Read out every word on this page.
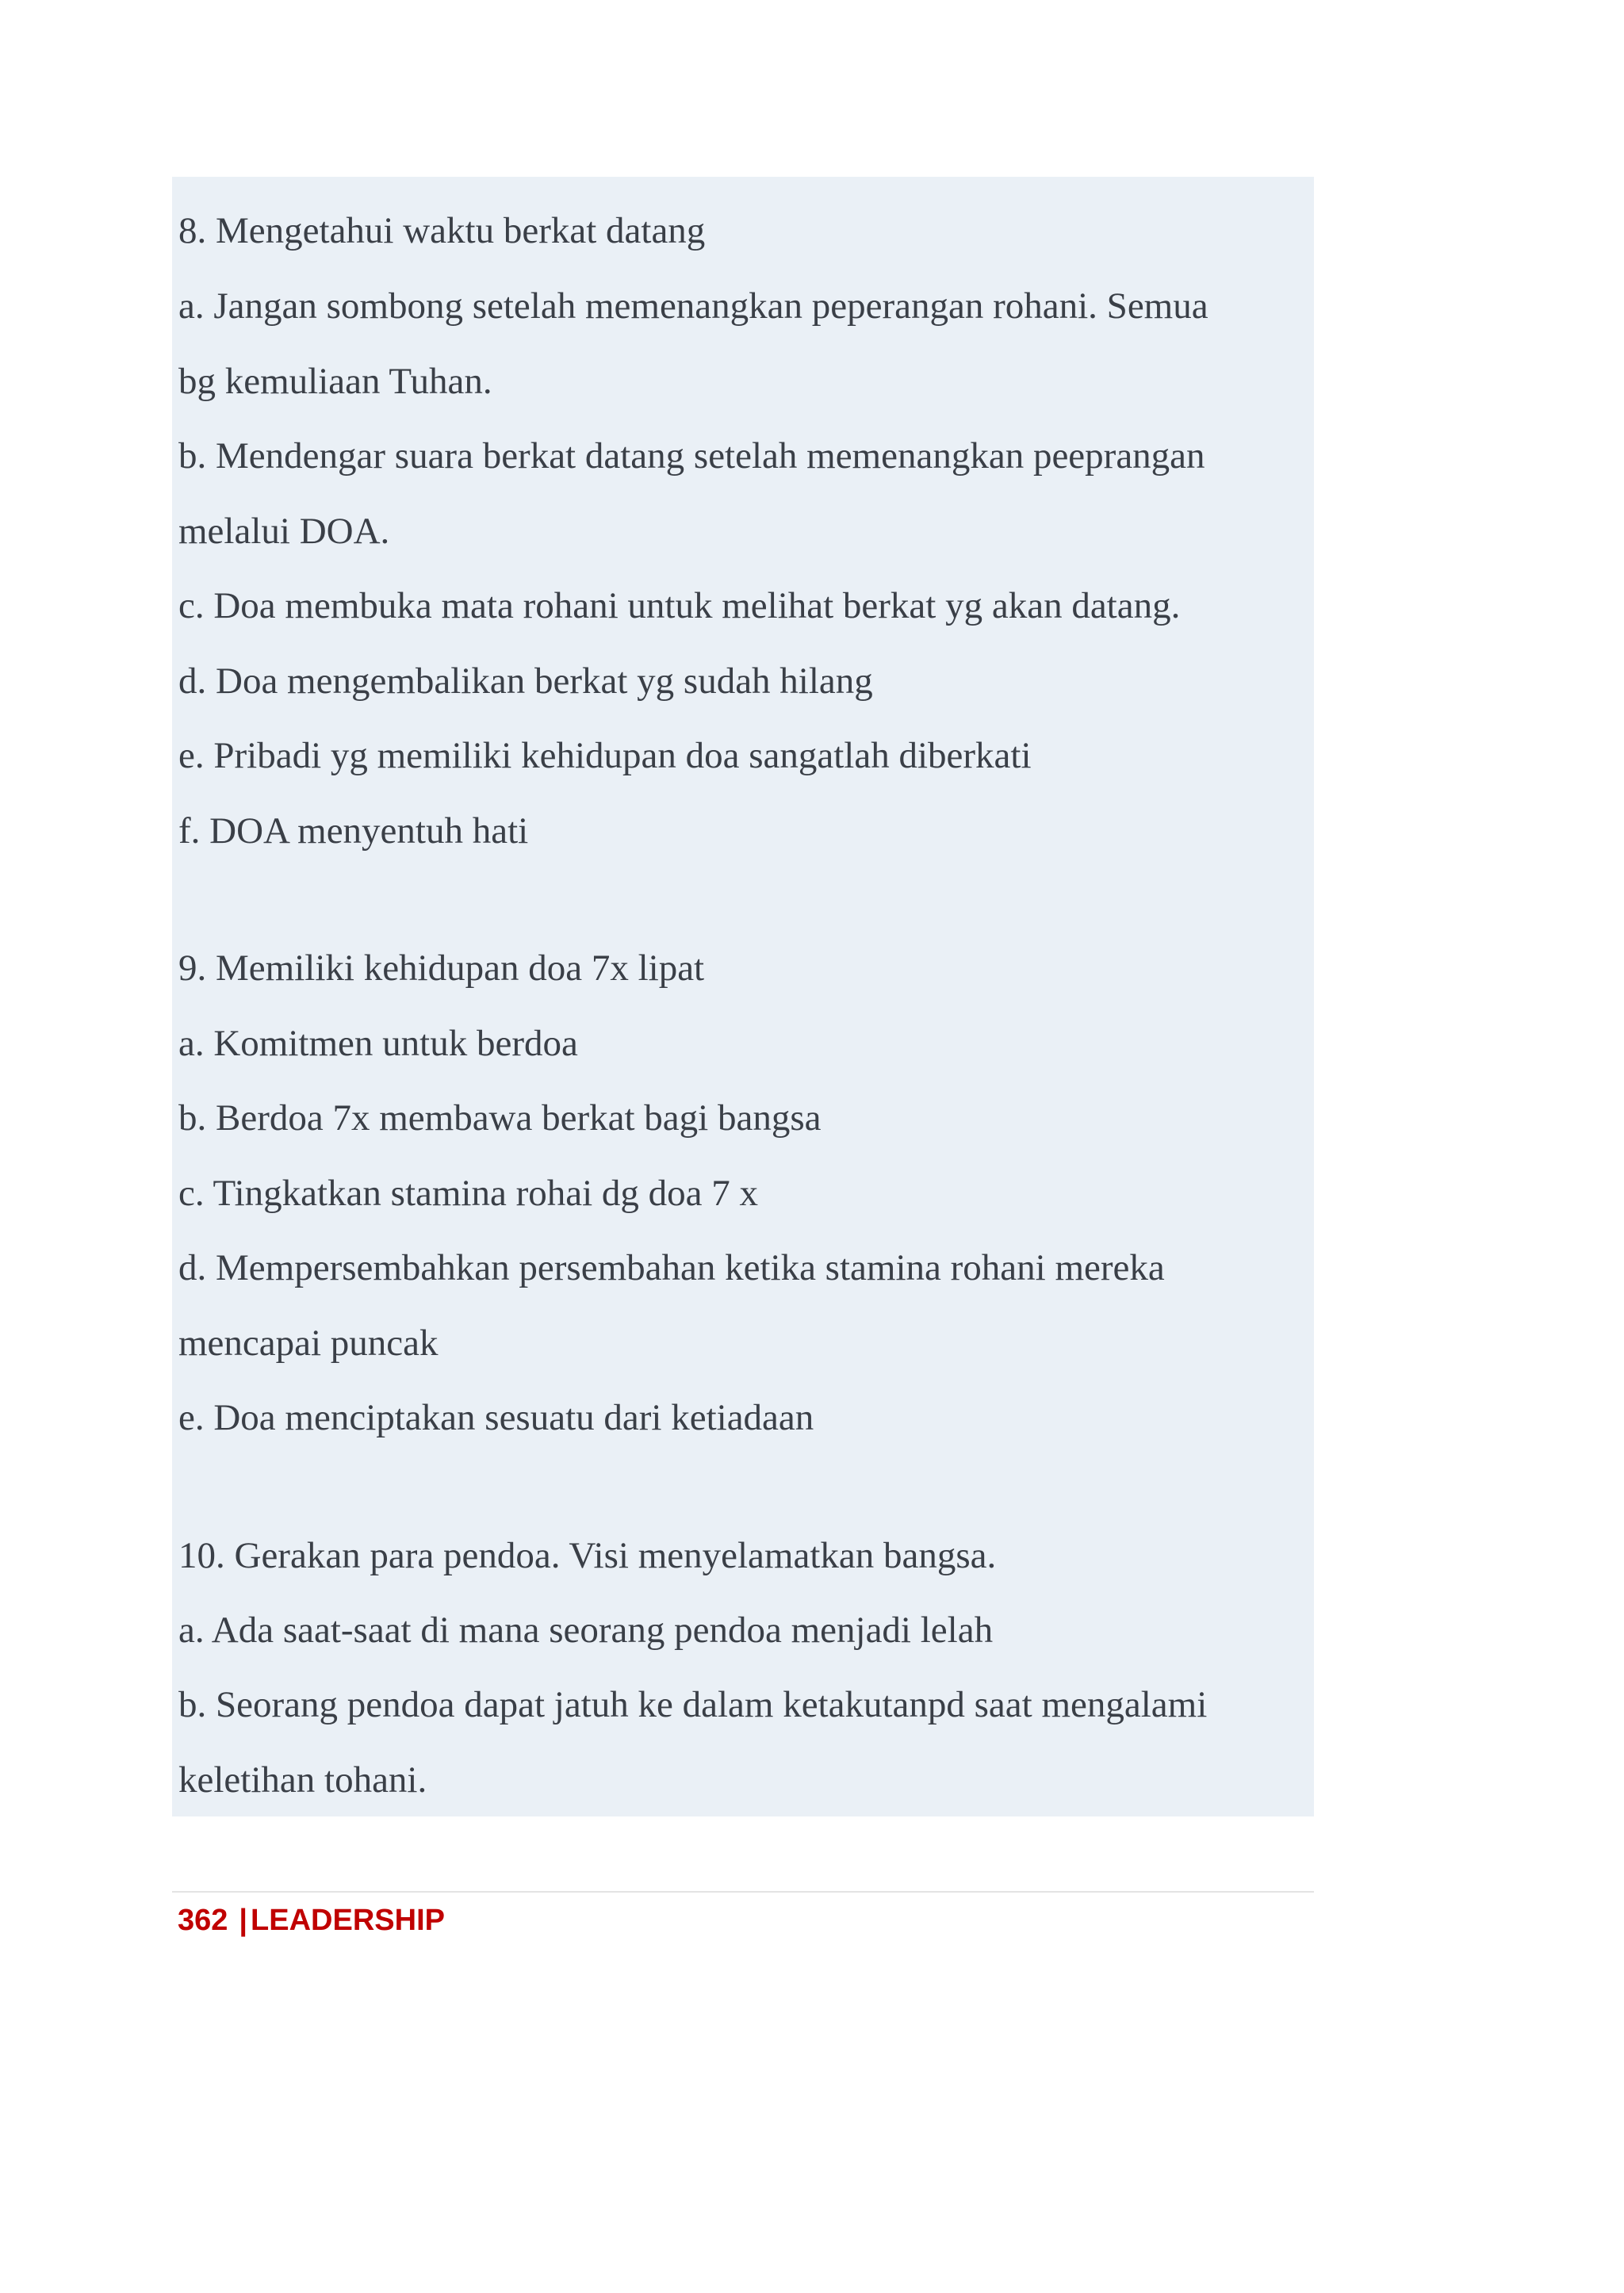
8. Mengetahui waktu berkat datang

a. Jangan sombong setelah memenangkan peperangan rohani. Semua

bg kemuliaan Tuhan.

b. Mendengar suara berkat datang setelah memenangkan peeprangan

melalui DOA.

c. Doa membuka mata rohani untuk melihat berkat yg akan datang.

d. Doa mengembalikan berkat yg sudah hilang

e. Pribadi yg memiliki kehidupan doa sangatlah diberkati

f. DOA menyentuh hati

9. Memiliki kehidupan doa 7x lipat

a. Komitmen untuk berdoa

b. Berdoa 7x membawa berkat bagi bangsa

c. Tingkatkan stamina rohai dg doa 7 x

d. Mempersembahkan persembahan ketika stamina rohani mereka

mencapai puncak

e. Doa menciptakan sesuatu dari ketiadaan

10. Gerakan para pendoa. Visi menyelamatkan bangsa.

a. Ada saat-saat di mana seorang pendoa menjadi lelah

b. Seorang pendoa dapat jatuh ke dalam ketakutanpd saat mengalami

keletihan tohani.

362 | LEADERSHIP
